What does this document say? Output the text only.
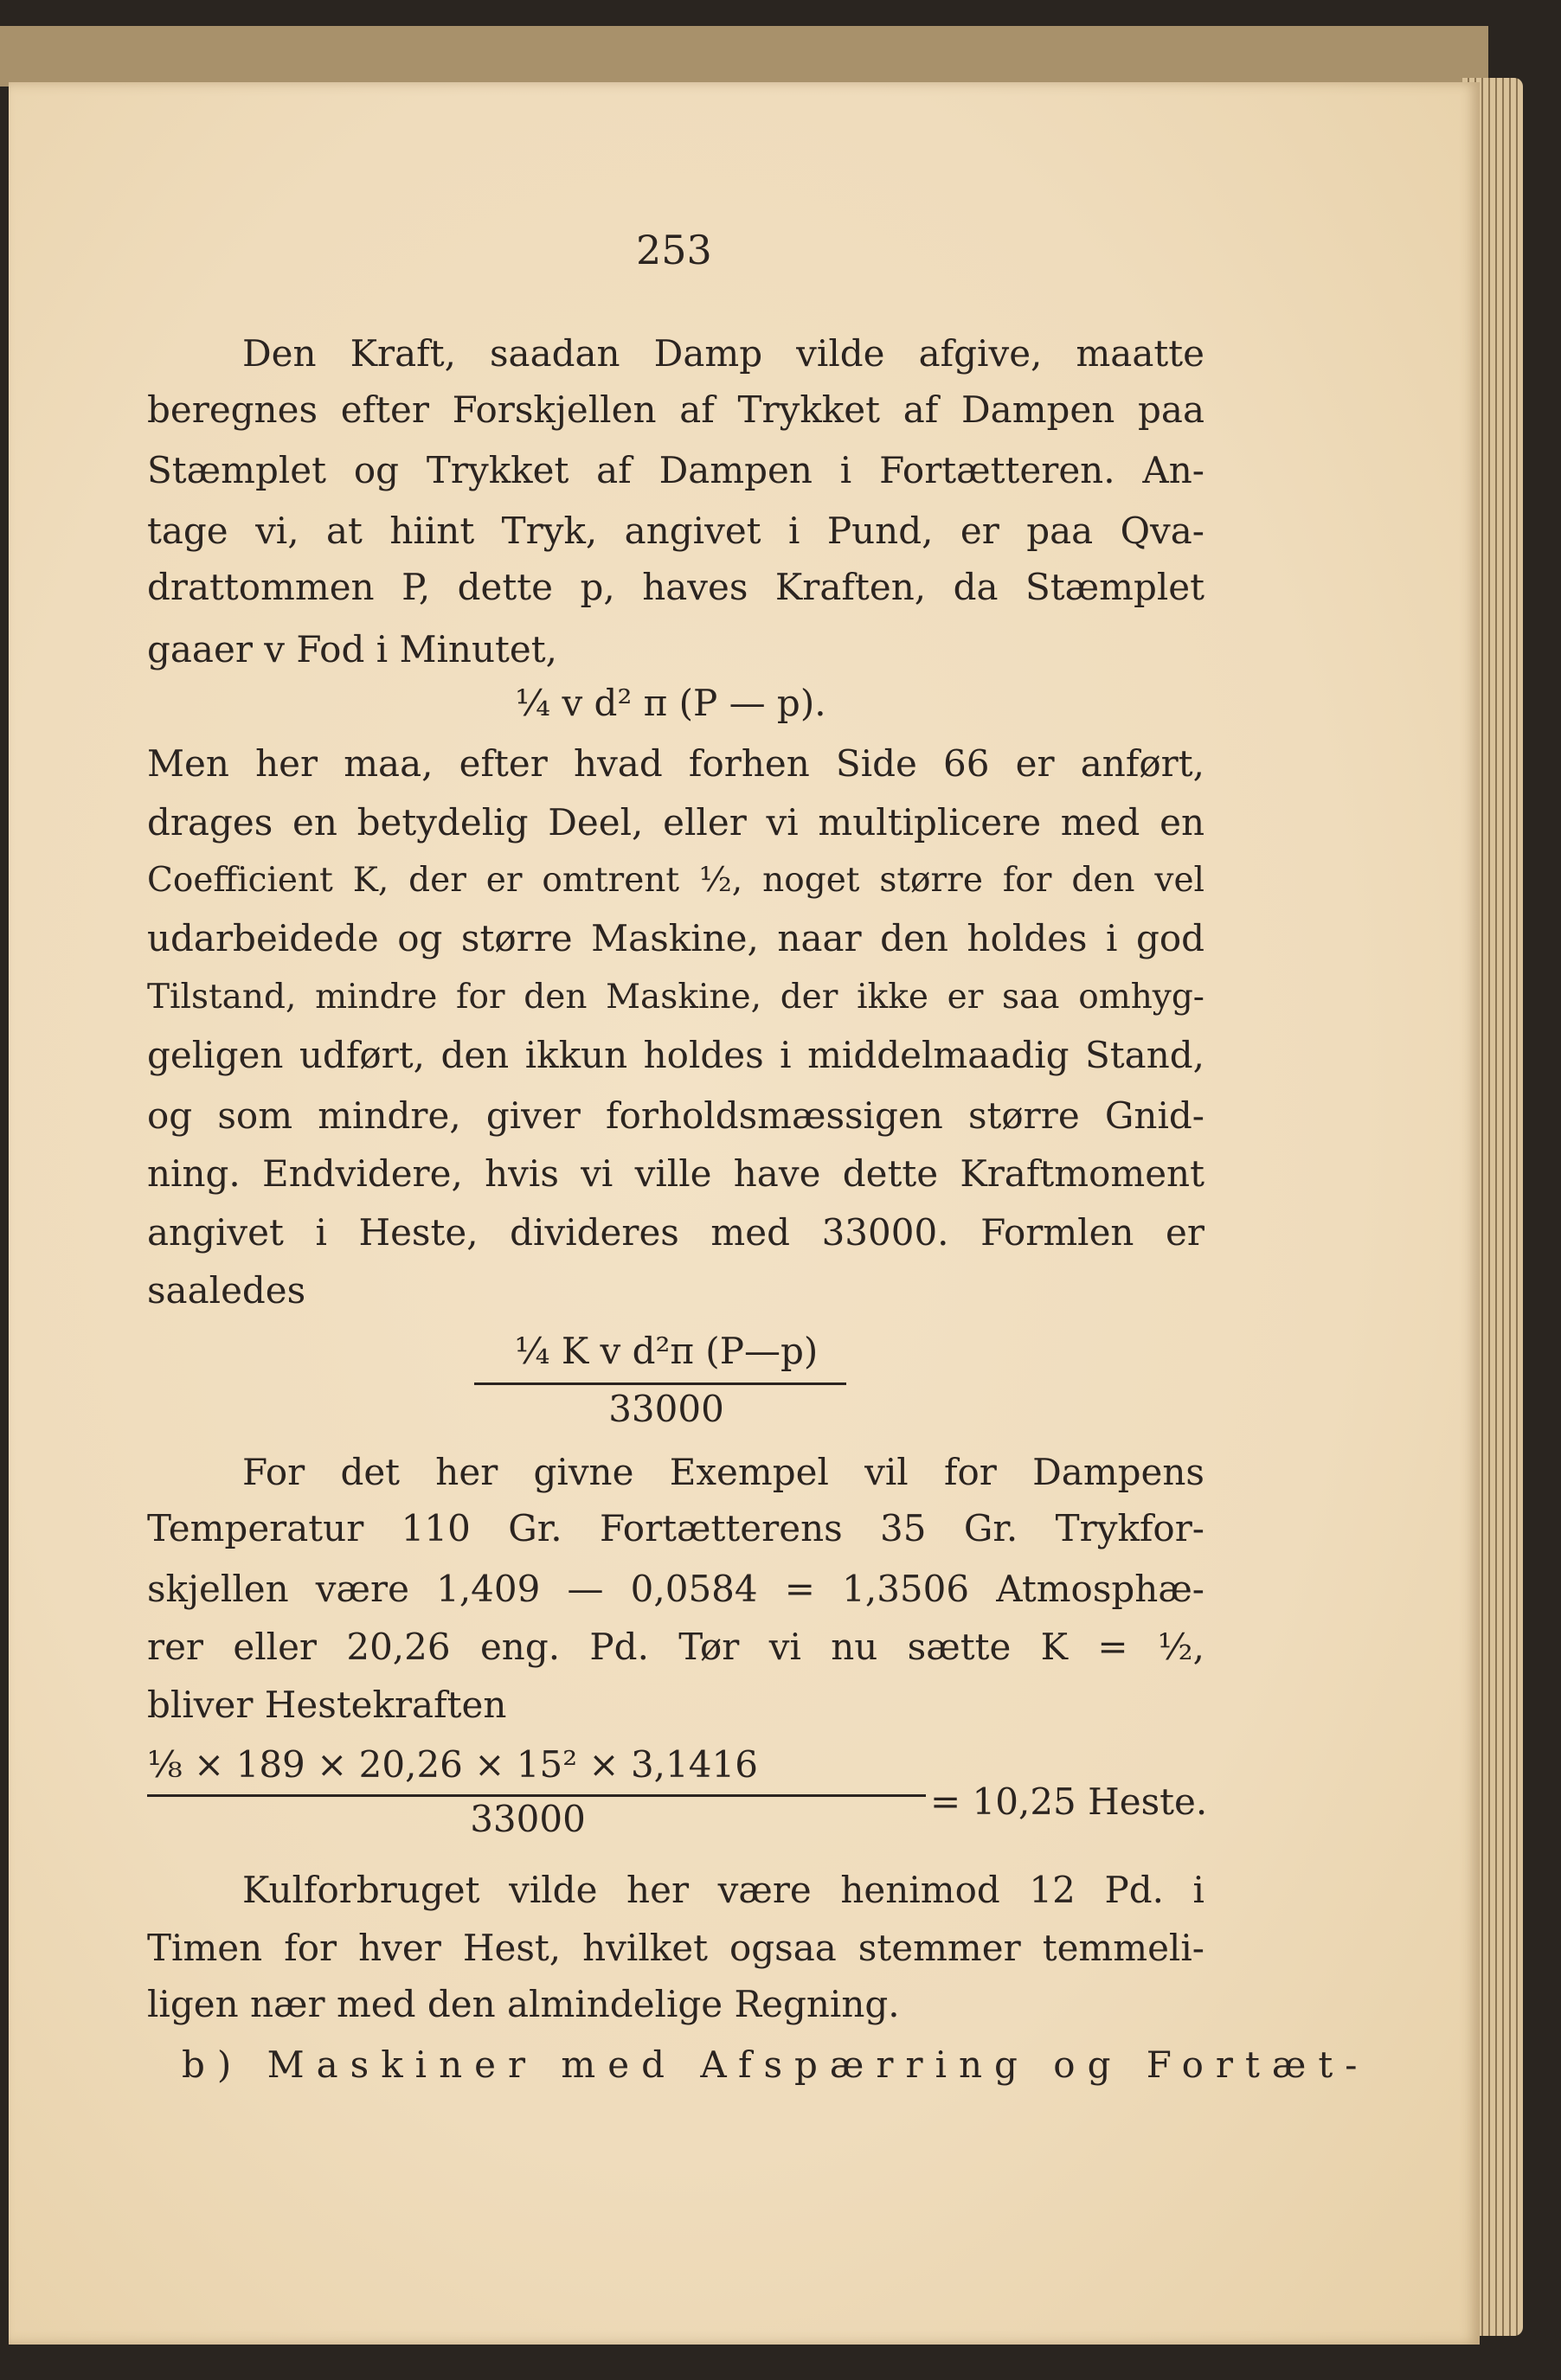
253
Den Kraft, saadan Damp vilde afgive, maatte
beregnes efter Forskjellen af Trykket af Dampen paa
Stæmplet og Trykket af Dampen i Fortætteren. An-
tage vi, at hiint Tryk, angivet i Pund, er paa Qva-
drattommen P, dette p, haves Kraften, da Stæmplet
gaaer v Fod i Minutet,
¼ v d² π (P — p).
Men her maa, efter hvad forhen Side 66 er anført,
drages en betydelig Deel, eller vi multiplicere med en
Coefficient K, der er omtrent ½, noget større for den vel
udarbeidede og større Maskine, naar den holdes i god
Tilstand, mindre for den Maskine, der ikke er saa omhyg-
geligen udført, den ikkun holdes i middelmaadig Stand,
og som mindre, giver forholdsmæssigen større Gnid-
ning. Endvidere, hvis vi ville have dette Kraftmoment
angivet i Heste, divideres med 33000. Formlen er
saaledes
¼ K v d²π (P—p)
33000
For det her givne Exempel vil for Dampens
Temperatur 110 Gr. Fortætterens 35 Gr. Trykfor-
skjellen være 1,409 — 0,0584 = 1,3506 Atmosphæ-
rer eller 20,26 eng. Pd. Tør vi nu sætte K = ½,
bliver Hestekraften
⅛ × 189 × 20,26 × 15² × 3,1416
33000	= 10,25 Heste.
Kulforbruget vilde her være henimod 12 Pd. i
Timen for hver Hest, hvilket ogsaa stemmer temmeli-
ligen nær med den almindelige Regning.
b) Maskiner med Afspærring og Fortæt-
